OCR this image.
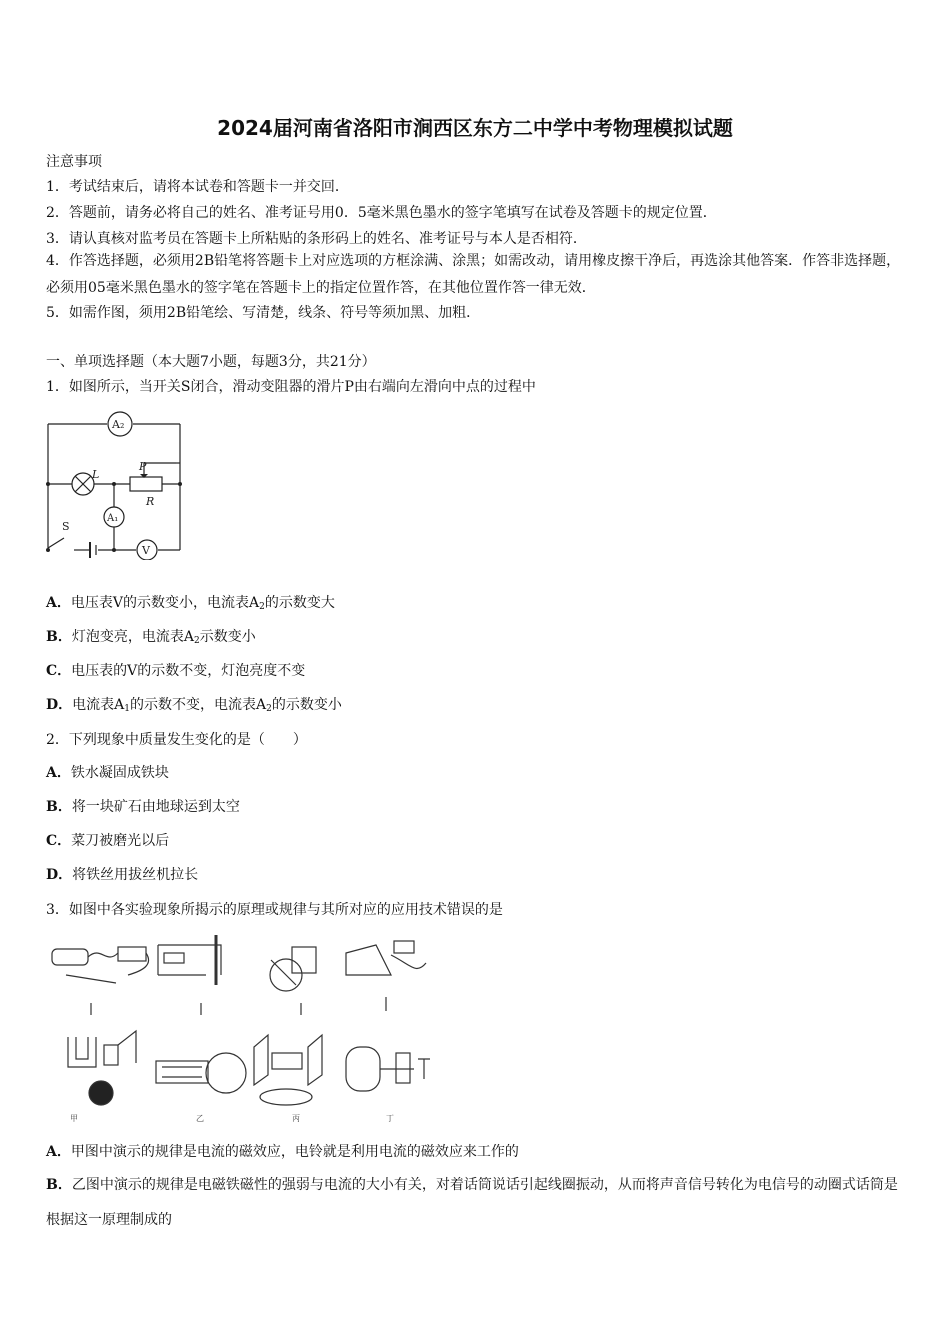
2024届河南省洛阳市涧西区东方二中学中考物理模拟试题
注意事项
1．考试结束后，请将本试卷和答题卡一并交回．
2．答题前，请务必将自己的姓名、准考证号用0．5毫米黑色墨水的签字笔填写在试卷及答题卡的规定位置．
3．请认真核对监考员在答题卡上所粘贴的条形码上的姓名、准考证号与本人是否相符．
4．作答选择题，必须用2B铅笔将答题卡上对应选项的方框涂满、涂黑；如需改动，请用橡皮擦干净后，再选涂其他答案．作答非选择题，必须用05毫米黑色墨水的签字笔在答题卡上的指定位置作答，在其他位置作答一律无效．
5．如需作图，须用2B铅笔绘、写清楚，线条、符号等须加黑、加粗．
一、单项选择题（本大题7小题，每题3分，共21分）
1．如图所示，当开关S闭合，滑动变阻器的滑片P由右端向左滑向中点的过程中
A₂
A₁
V
L
P
R
S
A．电压表V的示数变小，电流表$A_2$的示数变大
B．灯泡变亮，电流表$A_2$示数变小
C．电压表的V的示数不变，灯泡亮度不变
D．电流表$A_1$的示数不变，电流表$A_2$的示数变小
2．下列现象中质量发生变化的是（　　）
A．铁水凝固成铁块
B．将一块矿石由地球运到太空
C．菜刀被磨光以后
D．将铁丝用拔丝机拉长
3．如图中各实验现象所揭示的原理或规律与其所对应的应用技术错误的是
甲	乙	丙	丁
A．甲图中演示的规律是电流的磁效应，电铃就是利用电流的磁效应来工作的
B．乙图中演示的规律是电磁铁磁性的强弱与电流的大小有关，对着话筒说话引起线圈振动，从而将声音信号转化为电信号的动圈式话筒是根据这一原理制成的
